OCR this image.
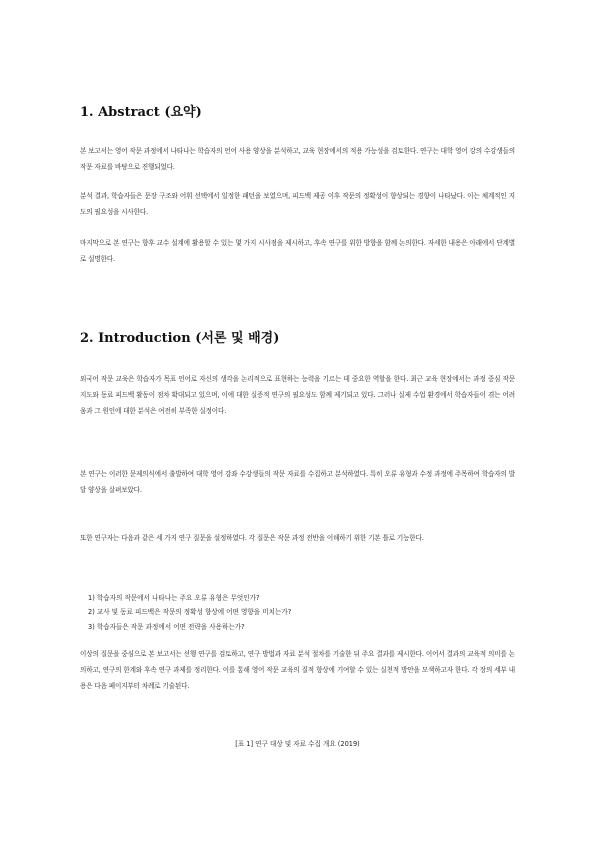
1. Abstract (요약)

본 보고서는 영어 작문 과정에서 나타나는 학습자의 언어 사용 양상을 분석하고, 교육 현장에서의 적용 가능성을 검토한다. 연구는 대학 영어 강의 수강생들의 작문 자료를 바탕으로 진행되었다.

분석 결과, 학습자들은 문장 구조와 어휘 선택에서 일정한 패턴을 보였으며, 피드백 제공 이후 작문의 정확성이 향상되는 경향이 나타났다. 이는 체계적인 지도의 필요성을 시사한다.

마지막으로 본 연구는 향후 교수 설계에 활용할 수 있는 몇 가지 시사점을 제시하고, 후속 연구를 위한 방향을 함께 논의한다. 자세한 내용은 아래에서 단계별로 설명한다.

2. Introduction (서론 및 배경)

외국어 작문 교육은 학습자가 목표 언어로 자신의 생각을 논리적으로 표현하는 능력을 기르는 데 중요한 역할을 한다. 최근 교육 현장에서는 과정 중심 작문 지도와 동료 피드백 활동이 점차 확대되고 있으며, 이에 대한 실증적 연구의 필요성도 함께 제기되고 있다. 그러나 실제 수업 환경에서 학습자들이 겪는 어려움과 그 원인에 대한 분석은 여전히 부족한 실정이다.

본 연구는 이러한 문제의식에서 출발하여 대학 영어 강좌 수강생들의 작문 자료를 수집하고 분석하였다. 특히 오류 유형과 수정 과정에 주목하여 학습자의 발달 양상을 살펴보았다.

또한 연구자는 다음과 같은 세 가지 연구 질문을 설정하였다. 각 질문은 작문 과정 전반을 이해하기 위한 기본 틀로 기능한다.

1) 학습자의 작문에서 나타나는 주요 오류 유형은 무엇인가?
2) 교사 및 동료 피드백은 작문의 정확성 향상에 어떤 영향을 미치는가?
3) 학습자들은 작문 과정에서 어떤 전략을 사용하는가?

이상의 질문을 중심으로 본 보고서는 선행 연구를 검토하고, 연구 방법과 자료 분석 절차를 기술한 뒤 주요 결과를 제시한다. 이어서 결과의 교육적 의미를 논의하고, 연구의 한계와 후속 연구 과제를 정리한다. 이를 통해 영어 작문 교육의 질적 향상에 기여할 수 있는 실천적 방안을 모색하고자 한다. 각 장의 세부 내용은 다음 페이지부터 차례로 기술된다.

[표 1] 연구 대상 및 자료 수집 개요 (2019)
